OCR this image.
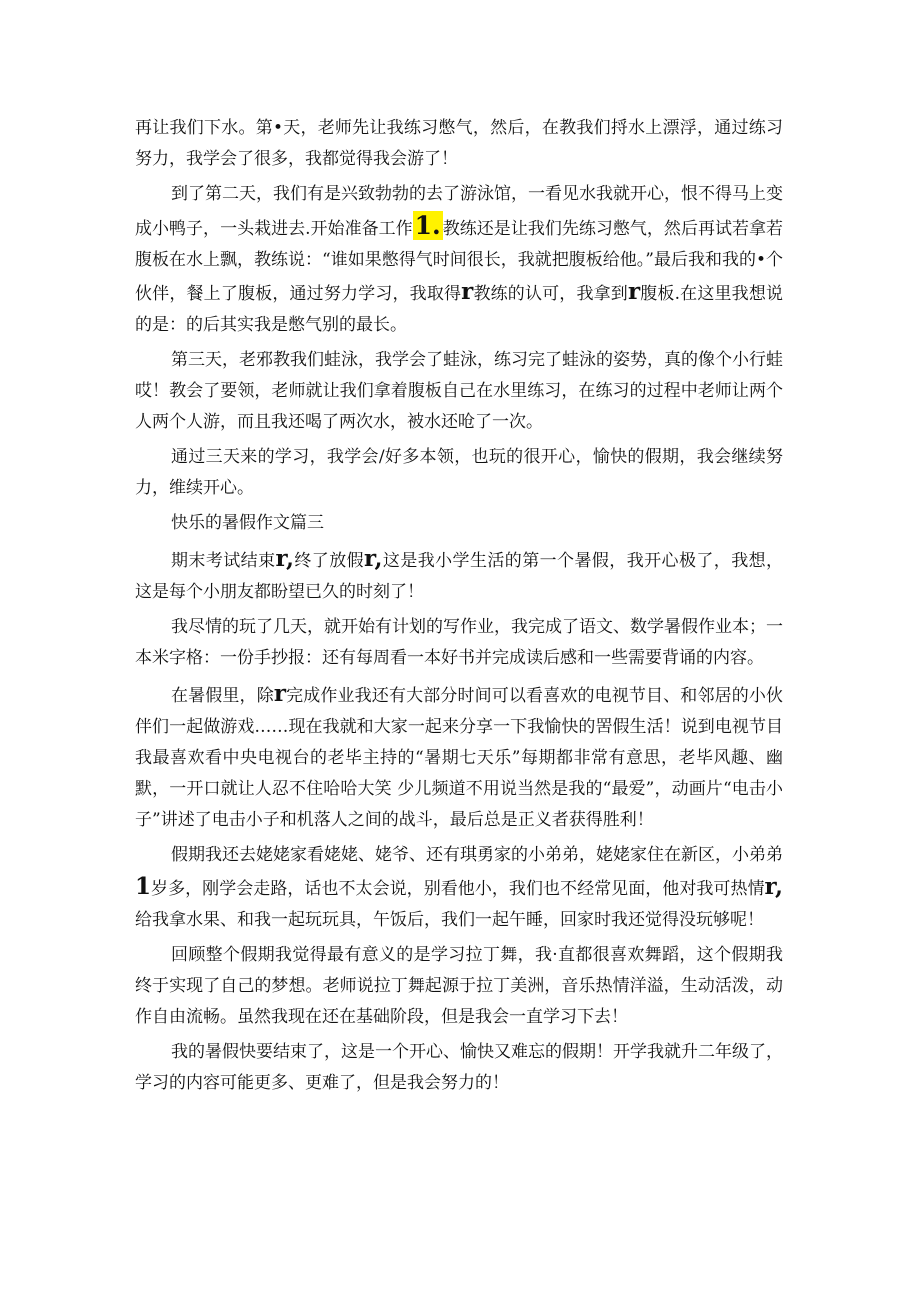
再让我们下水。第•天，老师先让我练习憋气，然后，在教我们捋水上漂浮，通过练习努力，我学会了很多，我都觉得我会游了！

到了第二天，我们有是兴致勃勃的去了游泳馆，一看见水我就开心，恨不得马上变成小鸭子，一头栽进去.开始准备工作1. 教练还是让我们先练习憋气，然后再试若拿若腹板在水上飘，教练说：“谁如果憋得气时间很长，我就把腹板给他。”最后我和我的•个伙伴，餐上了腹板，通过努力学习，我取得r教练的认可，我拿到r腹板.在这里我想说的是：的后其实我是憋气别的最长。

第三天，老邪教我们蛙泳，我学会了蛙泳，练习完了蛙泳的姿势，真的像个小行蛙哎！教会了要领，老师就让我们拿着腹板自己在水里练习，在练习的过程中老师让两个人两个人游，而且我还喝了两次水，被水还呛了一次。

通过三天来的学习，我学会/好多本领，也玩的很开心，愉快的假期，我会继续努力，维续开心。

快乐的暑假作文篇三

期末考试结束r,终了放假r,这是我小学生活的第一个暑假，我开心极了，我想，这是每个小朋友都盼望已久的时刻了！

我尽情的玩了几天，就开始有计划的写作业，我完成了语文、数学暑假作业本；一本米字格：一份手抄报：还有每周看一本好书并完成读后感和一些需要背诵的内容。

在暑假里，除r完成作业我还有大部分时间可以看喜欢的电视节目、和邻居的小伙伴们一起做游戏……现在我就和大家一起来分享一下我愉快的罟假生活！说到电视节目我最喜欢看中央电视台的老毕主持的“暑期七天乐”每期都非常有意思，老毕风趣、幽默，一开口就让人忍不住哈哈大笑 少儿频道不用说当然是我的“最爱”，动画片“电击小子”讲述了电击小子和机落人之间的战斗，最后总是正义者获得胜利！

假期我还去姥姥家看姥姥、姥爷、还有琪勇家的小弟弟，姥姥家住在新区，小弟弟1岁多，刚学会走路，话也不太会说，别看他小，我们也不经常见面，他对我可热情r,给我拿水果、和我一起玩玩具，午饭后，我们一起午睡，回家时我还觉得没玩够呢！

回顾整个假期我觉得最有意义的是学习拉丁舞，我·直都很喜欢舞蹈，这个假期我终于实现了自己的梦想。老师说拉丁舞起源于拉丁美洲，音乐热情洋溢，生动活泼，动作自由流畅。虽然我现在还在基础阶段，但是我会一直学习下去！

我的暑假快要结束了，这是一个开心、愉快又难忘的假期！开学我就升二年级了，学习的内容可能更多、更难了，但是我会努力的！
